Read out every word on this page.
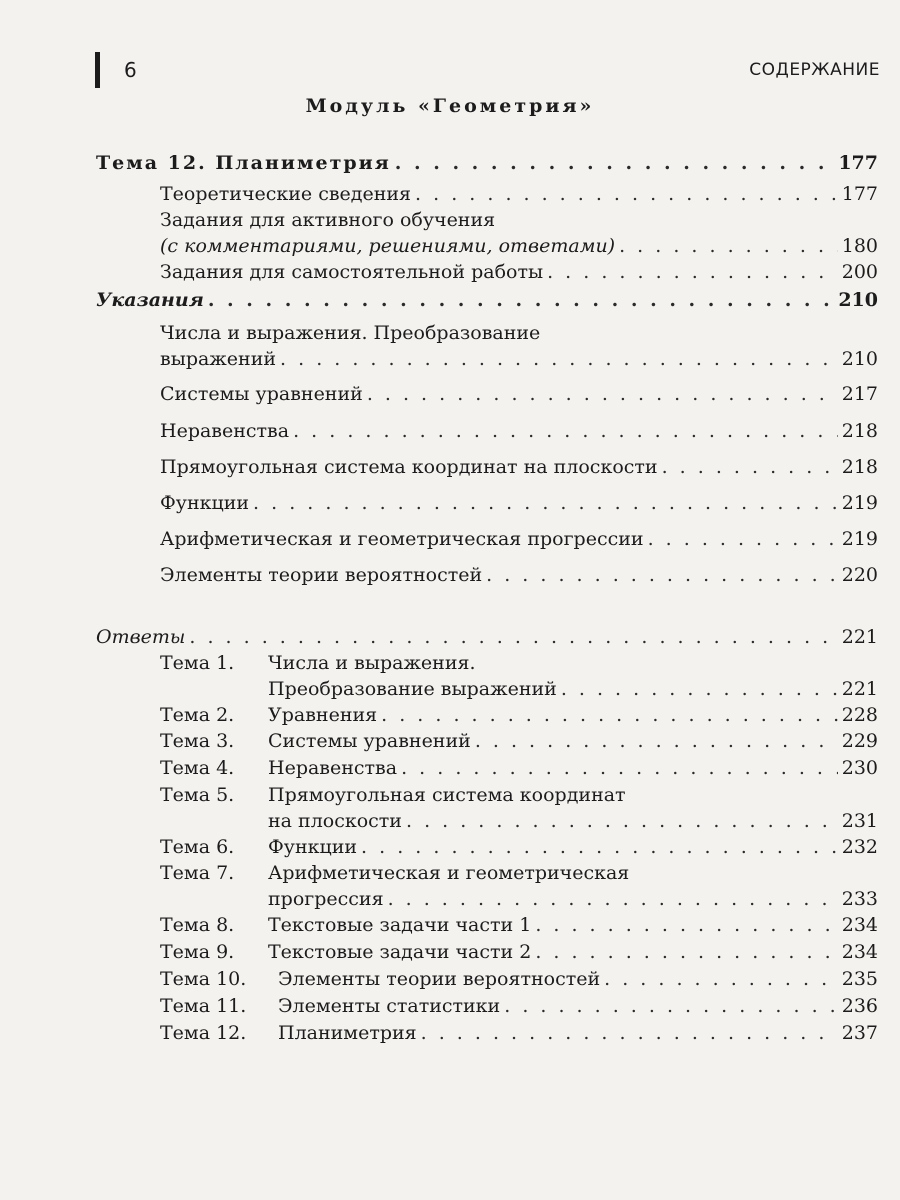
6	СОДЕРЖАНИЕ
Модуль «Геометрия»
Тема 12. Планиметрия . . .	177
Теоретические сведения . . .	177
Задания для активного обучения
(с комментариями, решениями, ответами) . . .	180
Задания для самостоятельной работы . . .	200
Указания . . .	210
Числа и выражения. Преобразование
выражений . . .	210
Системы уравнений . . .	217
Неравенства . . .	218
Прямоугольная система координат на плоскости . . .	218
Функции . . .	219
Арифметическая и геометрическая прогрессии . . .	219
Элементы теории вероятностей . . .	220
Ответы . . .	221
Тема 1. Числа и выражения.
Преобразование выражений . . .	221
Тема 2. Уравнения . . .	228
Тема 3. Системы уравнений . . .	229
Тема 4. Неравенства . . .	230
Тема 5. Прямоугольная система координат
на плоскости . . .	231
Тема 6. Функции . . .	232
Тема 7. Арифметическая и геометрическая
прогрессия . . .	233
Тема 8. Текстовые задачи части 1 . . .	234
Тема 9. Текстовые задачи части 2 . . .	234
Тема 10. Элементы теории вероятностей . . .	235
Тема 11. Элементы статистики . . .	236
Тема 12. Планиметрия . . .	237
